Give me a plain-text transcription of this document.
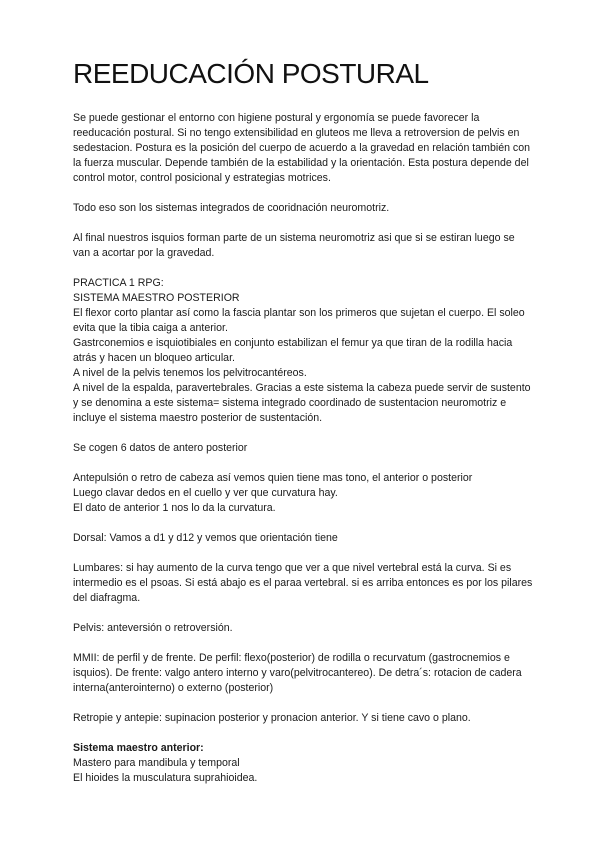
REEDUCACIÓN POSTURAL

Se puede gestionar el entorno con higiene postural y ergonomía se puede favorecer la reeducación postural. Si no tengo extensibilidad en gluteos me lleva a retroversion de pelvis en sedestacion. Postura es la posición del cuerpo de acuerdo a la gravedad en relación también con la fuerza muscular. Depende también de la estabilidad y la orientación. Esta postura depende del control motor, control posicional y estrategias motrices.

Todo eso son los sistemas integrados de cooridnación neuromotriz.

Al final nuestros isquios forman parte de un sistema neuromotriz asi que si se estiran luego se van a acortar por la gravedad.

PRACTICA 1 RPG:
SISTEMA MAESTRO POSTERIOR
El flexor corto plantar así como la fascia plantar son los primeros que sujetan el cuerpo. El soleo evita que la tibia caiga a anterior.
Gastrconemios e isquiotibiales en conjunto estabilizan el femur ya que tiran de la rodilla hacia atrás y hacen un bloqueo articular.
A nivel de la pelvis tenemos los pelvitrocantéreos.
A nivel de la espalda, paravertebrales. Gracias a este sistema la cabeza puede servir de sustento y se denomina a este sistema= sistema integrado coordinado de sustentacion neuromotriz e incluye el sistema maestro posterior de sustentación.

Se cogen 6 datos de antero posterior

Antepulsión o retro de cabeza así vemos quien tiene mas tono, el anterior o posterior
Luego clavar dedos en el cuello y ver que curvatura hay.
El dato de anterior 1 nos lo da la curvatura.

Dorsal: Vamos a d1 y d12 y vemos que orientación tiene

Lumbares: si hay aumento de la curva tengo que ver a que nivel vertebral está la curva. Si es intermedio es el psoas. Si está abajo es el paraa vertebral. si es arriba entonces es por los pilares del diafragma.

Pelvis: anteversión o retroversión.

MMII: de perfil y de frente. De perfil: flexo(posterior) de rodilla o recurvatum (gastrocnemios e isquios). De frente: valgo antero interno y varo(pelvitrocantereo). De detra´s: rotacion de cadera interna(anterointerno) o externo (posterior)

Retropie y antepie: supinacion posterior y pronacion anterior. Y si tiene cavo o plano.

Sistema maestro anterior:
Mastero para mandibula y temporal
El hioides la musculatura suprahioidea.
